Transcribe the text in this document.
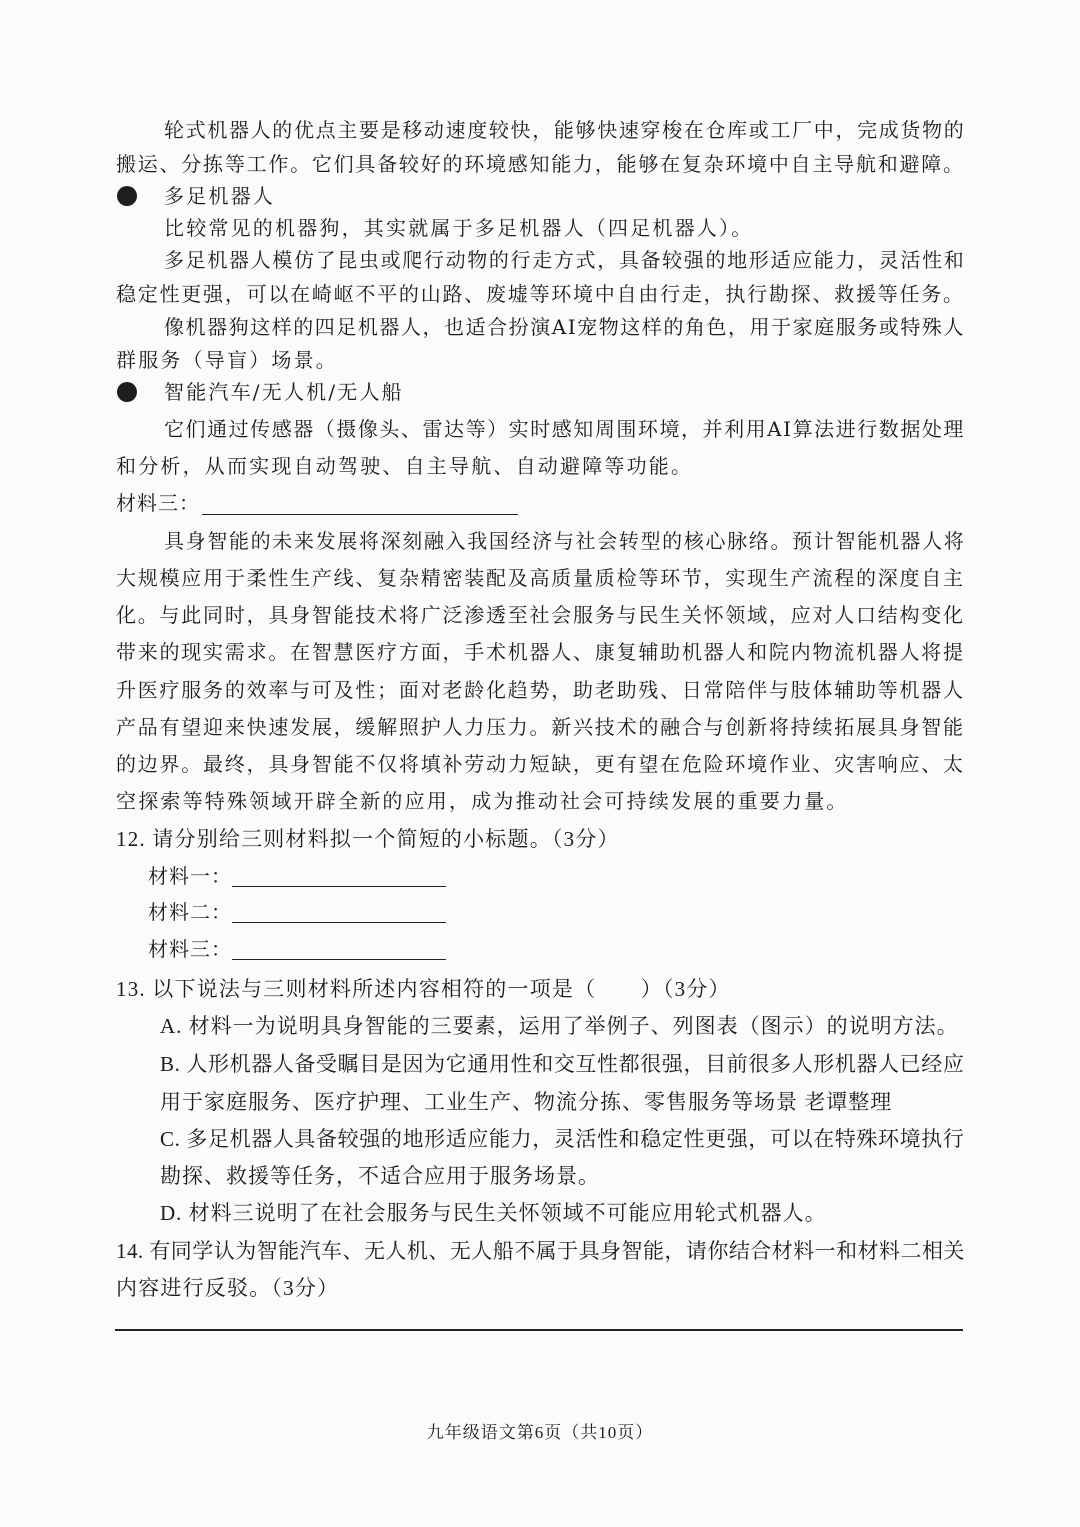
轮式机器人的优点主要是移动速度较快，能够快速穿梭在仓库或工厂中，完成货物的
搬运、分拣等工作。它们具备较好的环境感知能力，能够在复杂环境中自主导航和避障。
多足机器人
比较常见的机器狗，其实就属于多足机器人（四足机器人）。
多足机器人模仿了昆虫或爬行动物的行走方式，具备较强的地形适应能力，灵活性和
稳定性更强，可以在崎岖不平的山路、废墟等环境中自由行走，执行勘探、救援等任务。
像机器狗这样的四足机器人，也适合扮演AI宠物这样的角色，用于家庭服务或特殊人
群服务（导盲）场景。
智能汽车/无人机/无人船
它们通过传感器（摄像头、雷达等）实时感知周围环境，并利用AI算法进行数据处理
和分析，从而实现自动驾驶、自主导航、自动避障等功能。
材料三：
具身智能的未来发展将深刻融入我国经济与社会转型的核心脉络。预计智能机器人将
大规模应用于柔性生产线、复杂精密装配及高质量质检等环节，实现生产流程的深度自主
化。与此同时，具身智能技术将广泛渗透至社会服务与民生关怀领域，应对人口结构变化
带来的现实需求。在智慧医疗方面，手术机器人、康复辅助机器人和院内物流机器人将提
升医疗服务的效率与可及性；面对老龄化趋势，助老助残、日常陪伴与肢体辅助等机器人
产品有望迎来快速发展，缓解照护人力压力。新兴技术的融合与创新将持续拓展具身智能
的边界。最终，具身智能不仅将填补劳动力短缺，更有望在危险环境作业、灾害响应、太
空探索等特殊领域开辟全新的应用，成为推动社会可持续发展的重要力量。
12. 请分别给三则材料拟一个简短的小标题。（3分）
材料一：
材料二：
材料三：
13. 以下说法与三则材料所述内容相符的一项是（　　）（3分）
A. 材料一为说明具身智能的三要素，运用了举例子、列图表（图示）的说明方法。
B. 人形机器人备受瞩目是因为它通用性和交互性都很强，目前很多人形机器人已经应
用于家庭服务、医疗护理、工业生产、物流分拣、零售服务等场景 老谭整理
C. 多足机器人具备较强的地形适应能力，灵活性和稳定性更强，可以在特殊环境执行
勘探、救援等任务，不适合应用于服务场景。
D. 材料三说明了在社会服务与民生关怀领域不可能应用轮式机器人。
14. 有同学认为智能汽车、无人机、无人船不属于具身智能，请你结合材料一和材料二相关
内容进行反驳。（3分）
九年级语文第6页（共10页）
